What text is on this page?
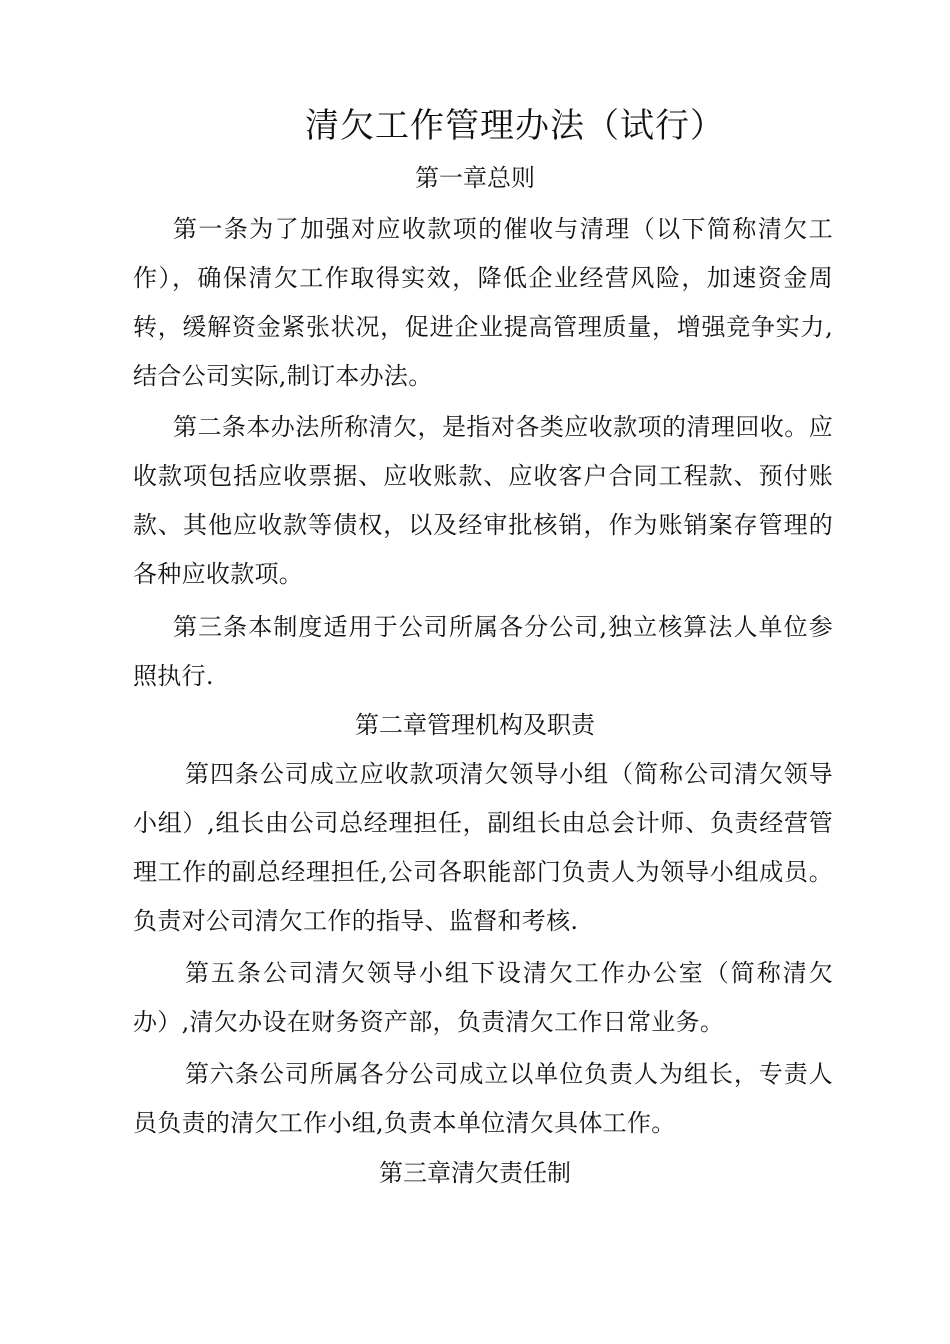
清欠工作管理办法（试行）
第一章总则
第一条为了加强对应收款项的催收与清理（以下简称清欠工作），确保清欠工作取得实效，降低企业经营风险，加速资金周转，缓解资金紧张状况，促进企业提高管理质量，增强竞争实力,结合公司实际,制订本办法。
第二条本办法所称清欠，是指对各类应收款项的清理回收。应收款项包括应收票据、应收账款、应收客户合同工程款、预付账款、其他应收款等债权，以及经审批核销，作为账销案存管理的各种应收款项。
第三条本制度适用于公司所属各分公司,独立核算法人单位参照执行.
第二章管理机构及职责
第四条公司成立应收款项清欠领导小组（简称公司清欠领导小组）,组长由公司总经理担任，副组长由总会计师、负责经营管理工作的副总经理担任,公司各职能部门负责人为领导小组成员。负责对公司清欠工作的指导、监督和考核.
第五条公司清欠领导小组下设清欠工作办公室（简称清欠办）,清欠办设在财务资产部，负责清欠工作日常业务。
第六条公司所属各分公司成立以单位负责人为组长，专责人员负责的清欠工作小组,负责本单位清欠具体工作。
第三章清欠责任制
